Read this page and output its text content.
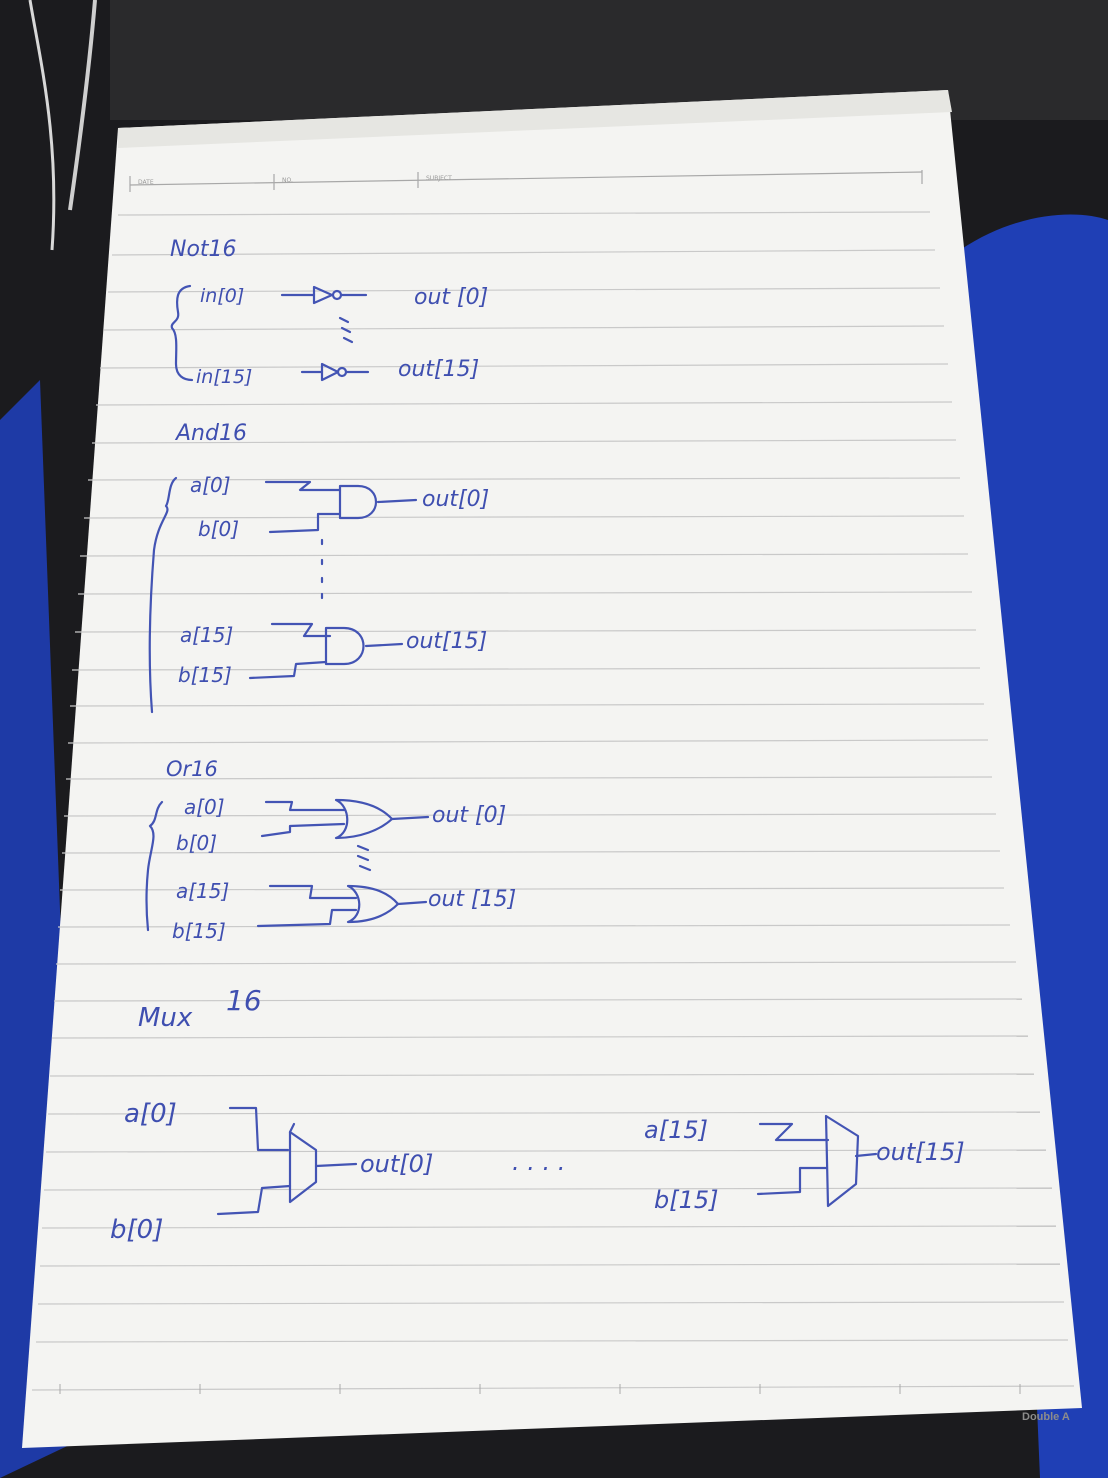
DATE	NO.	SUBJECT
Not16
in[0]	out [0]
in[15]	out[15]
And16
a[0]
b[0]
out[0]
a[15]
b[15]
out[15]
Or16
a[0]
b[0]
out [0]
a[15]
b[15]
out [15]
Mux
16
a[0]
b[0]
out[0]	. . . .
a[15]
b[15]
out[15]
Double A
